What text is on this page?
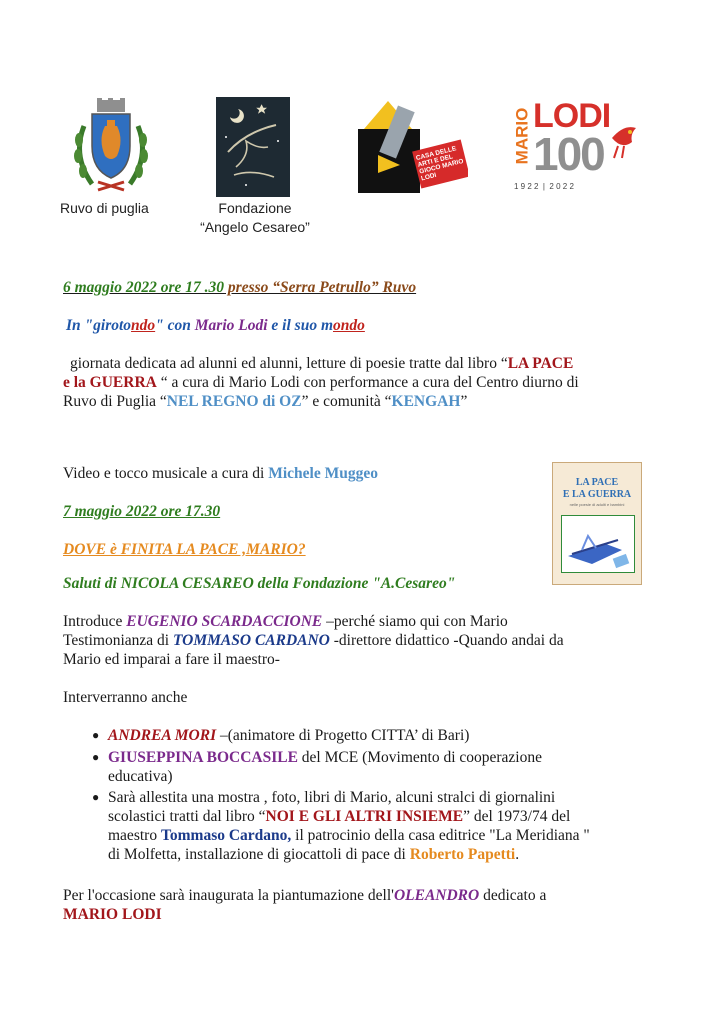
Ruvo di puglia	Fondazione
“Angelo Cesareo”
CASA DELLE ARTI E DEL GIOCO MARIO LODI
MARIO LODI
100
1 9 2 2  |  2 0 2 2
6 maggio 2022 ore 17 .30 presso “Serra Petrullo” Ruvo
In "girotondo" con Mario Lodi e il suo mondo
giornata dedicata ad alunni ed alunni, letture di poesie tratte dal libro “LA PACE
e la GUERRA “ a cura di Mario Lodi con performance a cura del Centro diurno di
Ruvo di Puglia “NEL REGNO di OZ” e comunità “KENGAH”
Video e tocco musicale a cura di Michele Muggeo
LA PACE
E LA GUERRA
nelle poesie di adulti e bambini
7 maggio 2022 ore 17.30
DOVE è FINITA LA PACE ,MARIO?
Saluti di NICOLA CESAREO della Fondazione "A.Cesareo"
Introduce EUGENIO SCARDACCIONE –perché siamo qui con Mario
Testimonianza di TOMMASO CARDANO -direttore didattico -Quando andai da
Mario ed imparai a fare il maestro-
Interverranno anche
● ANDREA MORI –(animatore di Progetto CITTA’ di Bari)
● GIUSEPPINA BOCCASILE del MCE (Movimento di cooperazione
educativa)
● Sarà allestita una mostra , foto, libri di Mario, alcuni stralci di giornalini
scolastici tratti dal libro “NOI E GLI ALTRI INSIEME” del 1973/74 del
maestro Tommaso Cardano, il patrocinio della casa editrice "La Meridiana "
di Molfetta, installazione di giocattoli di pace di Roberto Papetti.
Per l'occasione sarà inaugurata la piantumazione dell'OLEANDRO dedicato a
MARIO LODI
